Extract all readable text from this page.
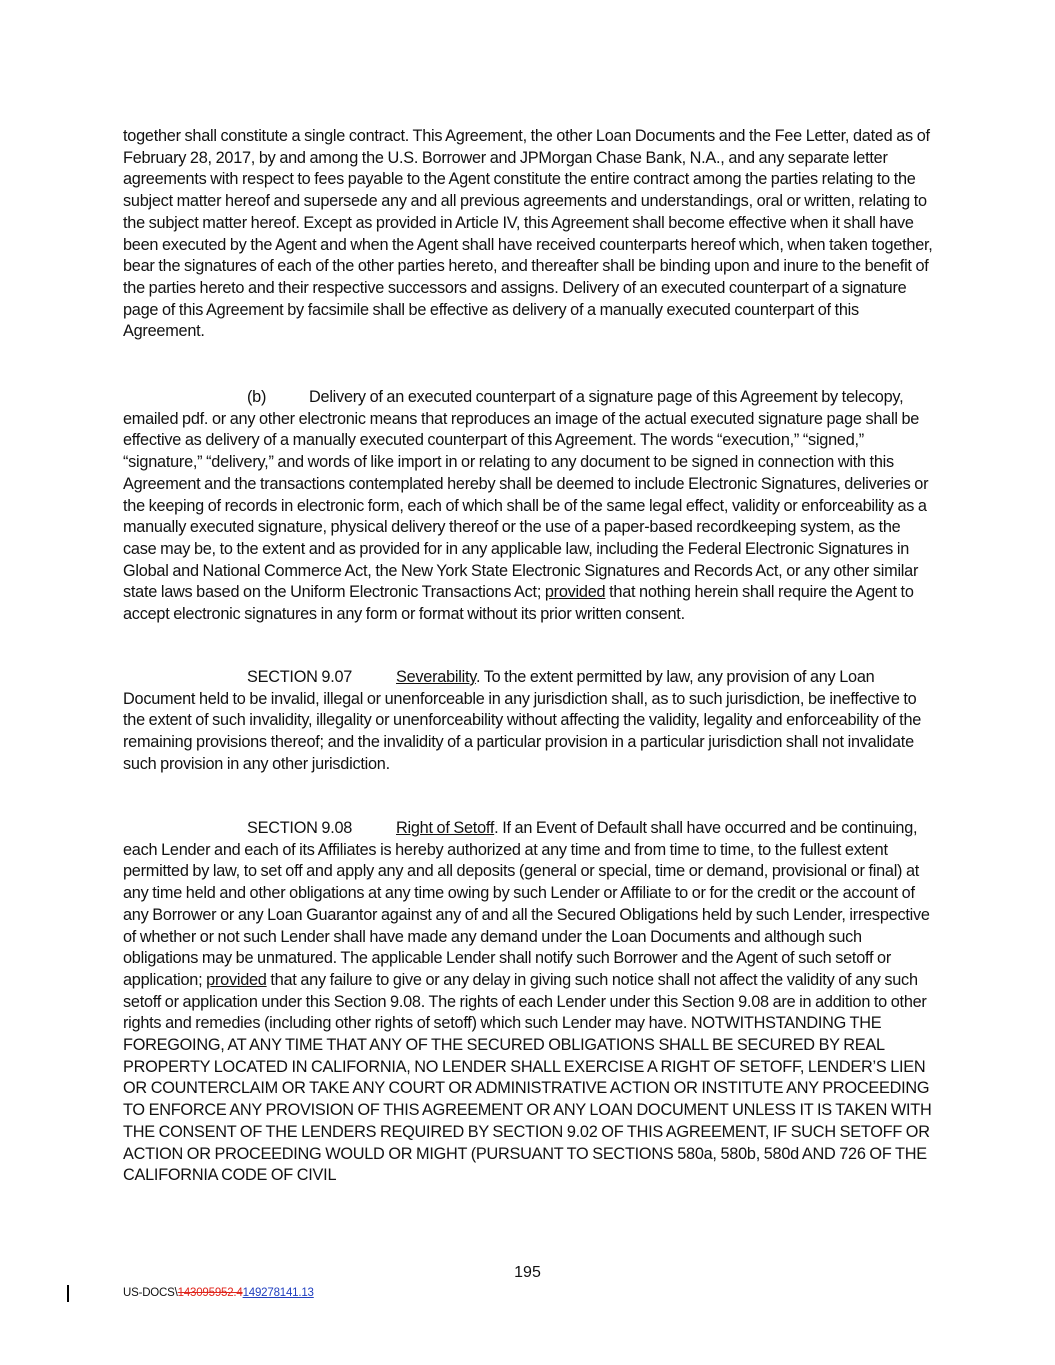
together shall constitute a single contract. This Agreement, the other Loan Documents and the Fee Letter, dated as of February 28, 2017, by and among the U.S. Borrower and JPMorgan Chase Bank, N.A., and any separate letter agreements with respect to fees payable to the Agent constitute the entire contract among the parties relating to the subject matter hereof and supersede any and all previous agreements and understandings, oral or written, relating to the subject matter hereof. Except as provided in Article IV, this Agreement shall become effective when it shall have been executed by the Agent and when the Agent shall have received counterparts hereof which, when taken together, bear the signatures of each of the other parties hereto, and thereafter shall be binding upon and inure to the benefit of the parties hereto and their respective successors and assigns. Delivery of an executed counterpart of a signature page of this Agreement by facsimile shall be effective as delivery of a manually executed counterpart of this Agreement.

(b)	Delivery of an executed counterpart of a signature page of this Agreement by telecopy, emailed pdf. or any other electronic means that reproduces an image of the actual executed signature page shall be effective as delivery of a manually executed counterpart of this Agreement. The words “execution,” “signed,” “signature,” “delivery,” and words of like import in or relating to any document to be signed in connection with this Agreement and the transactions contemplated hereby shall be deemed to include Electronic Signatures, deliveries or the keeping of records in electronic form, each of which shall be of the same legal effect, validity or enforceability as a manually executed signature, physical delivery thereof or the use of a paper-based recordkeeping system, as the case may be, to the extent and as provided for in any applicable law, including the Federal Electronic Signatures in Global and National Commerce Act, the New York State Electronic Signatures and Records Act, or any other similar state laws based on the Uniform Electronic Transactions Act; provided that nothing herein shall require the Agent to accept electronic signatures in any form or format without its prior written consent.

SECTION 9.07	Severability. To the extent permitted by law, any provision of any Loan Document held to be invalid, illegal or unenforceable in any jurisdiction shall, as to such jurisdiction, be ineffective to the extent of such invalidity, illegality or unenforceability without affecting the validity, legality and enforceability of the remaining provisions thereof; and the invalidity of a particular provision in a particular jurisdiction shall not invalidate such provision in any other jurisdiction.

SECTION 9.08	Right of Setoff. If an Event of Default shall have occurred and be continuing, each Lender and each of its Affiliates is hereby authorized at any time and from time to time, to the fullest extent permitted by law, to set off and apply any and all deposits (general or special, time or demand, provisional or final) at any time held and other obligations at any time owing by such Lender or Affiliate to or for the credit or the account of any Borrower or any Loan Guarantor against any of and all the Secured Obligations held by such Lender, irrespective of whether or not such Lender shall have made any demand under the Loan Documents and although such obligations may be unmatured. The applicable Lender shall notify such Borrower and the Agent of such setoff or application; provided that any failure to give or any delay in giving such notice shall not affect the validity of any such setoff or application under this Section 9.08. The rights of each Lender under this Section 9.08 are in addition to other rights and remedies (including other rights of setoff) which such Lender may have. NOTWITHSTANDING THE FOREGOING, AT ANY TIME THAT ANY OF THE SECURED OBLIGATIONS SHALL BE SECURED BY REAL PROPERTY LOCATED IN CALIFORNIA, NO LENDER SHALL EXERCISE A RIGHT OF SETOFF, LENDER’S LIEN OR COUNTERCLAIM OR TAKE ANY COURT OR ADMINISTRATIVE ACTION OR INSTITUTE ANY PROCEEDING TO ENFORCE ANY PROVISION OF THIS AGREEMENT OR ANY LOAN DOCUMENT UNLESS IT IS TAKEN WITH THE CONSENT OF THE LENDERS REQUIRED BY SECTION 9.02 OF THIS AGREEMENT, IF SUCH SETOFF OR ACTION OR PROCEEDING WOULD OR MIGHT (PURSUANT TO SECTIONS 580a, 580b, 580d AND 726 OF THE CALIFORNIA CODE OF CIVIL

195
US-DOCS\143095952.4149278141.13
